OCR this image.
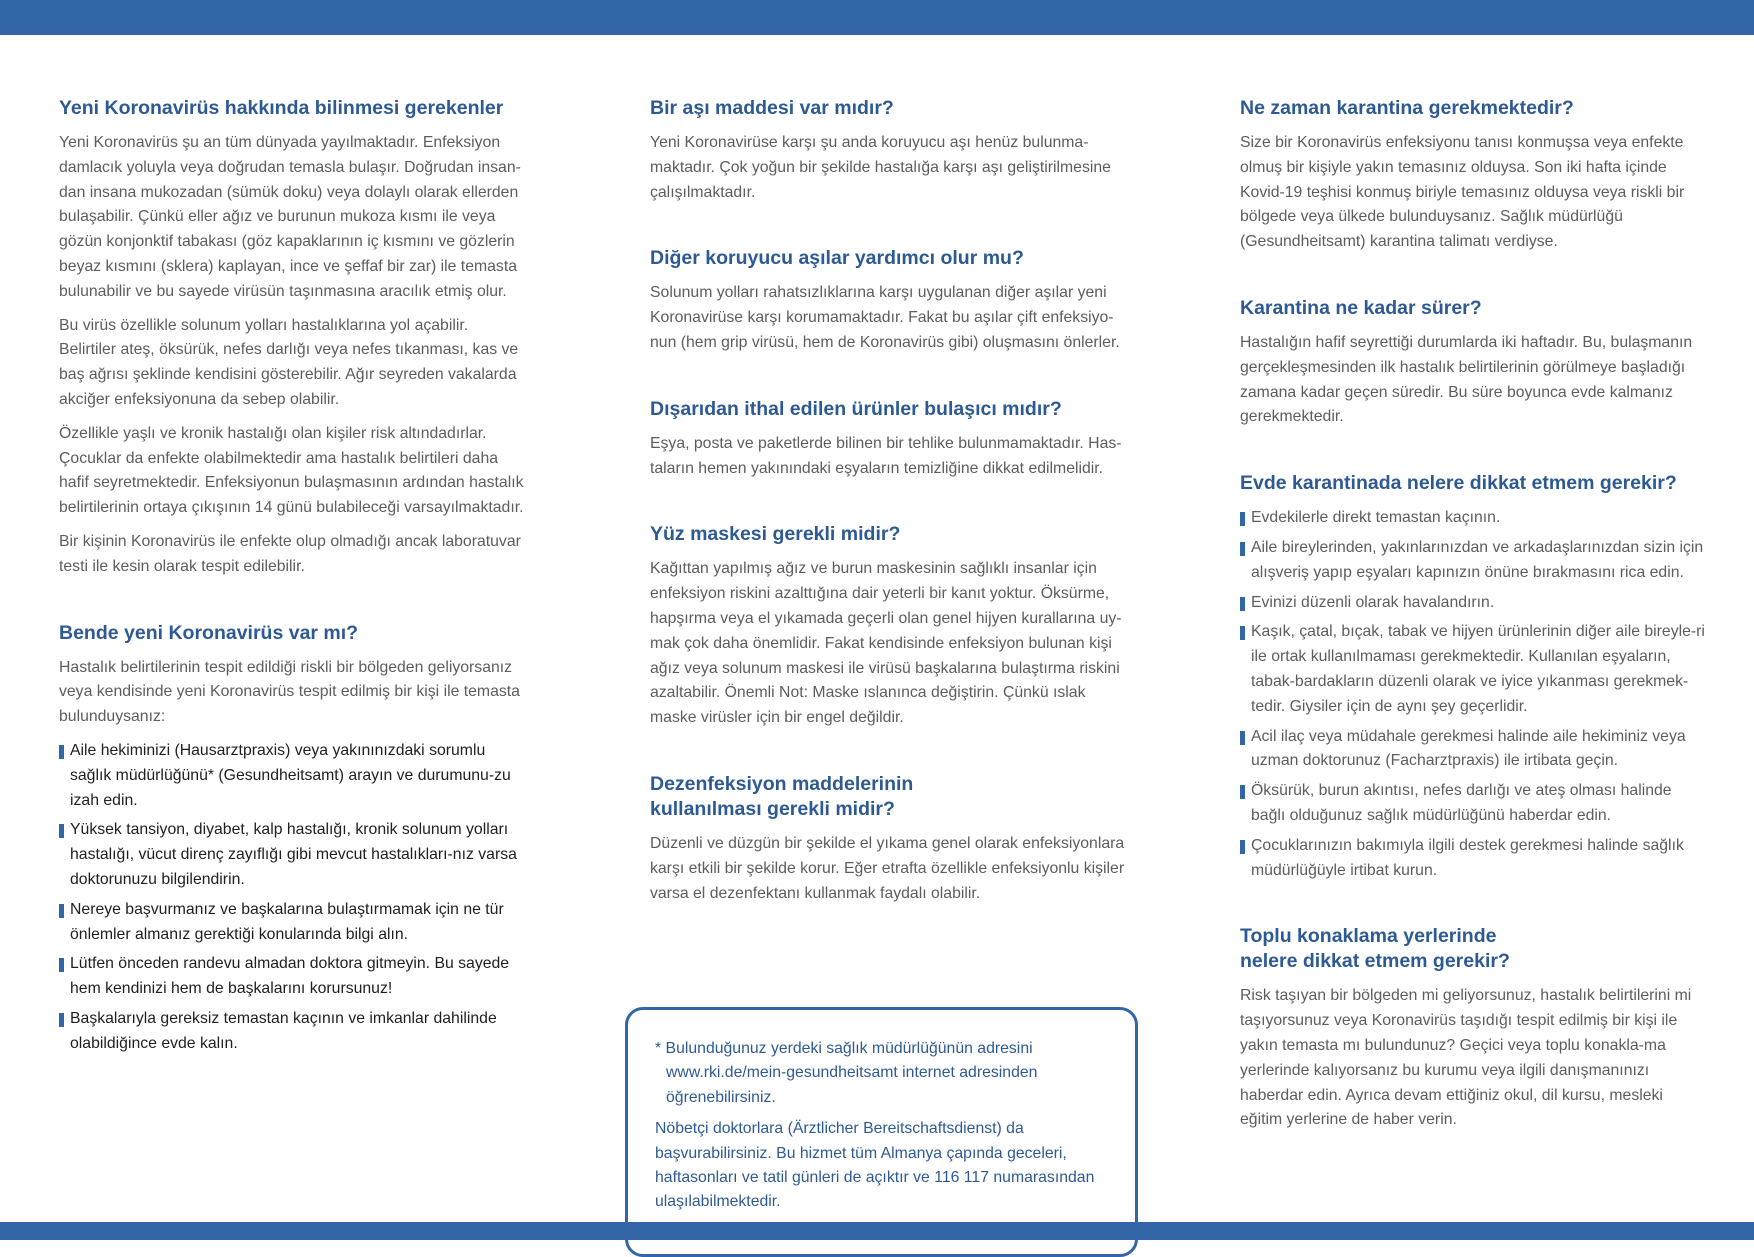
Yeni Koronavirüs hakkında bilinmesi gerekenler

Yeni Koronavirüs şu an tüm dünyada yayılmaktadır. Enfeksiyon damlacık yoluyla veya doğrudan temasla bulaşır. Doğrudan insan-dan insana mukozadan (sümük doku) veya dolaylı olarak ellerden bulaşabilir. Çünkü eller ağız ve burunun mukoza kısmı ile veya gözün konjonktif tabakası (göz kapaklarının iç kısmını ve gözlerin beyaz kısmını (sklera) kaplayan, ince ve şeffaf bir zar) ile temasta bulunabilir ve bu sayede virüsün taşınmasına aracılık etmiş olur.

Bu virüs özellikle solunum yolları hastalıklarına yol açabilir. Belirtiler ateş, öksürük, nefes darlığı veya nefes tıkanması, kas ve baş ağrısı şeklinde kendisini gösterebilir. Ağır seyreden vakalarda akciğer enfeksiyonuna da sebep olabilir.

Özellikle yaşlı ve kronik hastalığı olan kişiler risk altındadırlar. Çocuklar da enfekte olabilmektedir ama hastalık belirtileri daha hafif seyretmektedir. Enfeksiyonun bulaşmasının ardından hastalık belirtilerinin ortaya çıkışının 14 günü bulabileceği varsayılmaktadır.

Bir kişinin Koronavirüs ile enfekte olup olmadığı ancak laboratuvar testi ile kesin olarak tespit edilebilir.

Bende yeni Koronavirüs var mı?

Hastalık belirtilerinin tespit edildiği riskli bir bölgeden geliyorsanız veya kendisinde yeni Koronavirüs tespit edilmiş bir kişi ile temasta bulunduysanız:

Aile hekiminizi (Hausarztpraxis) veya yakınınızdaki sorumlu sağlık müdürlüğünü* (Gesundheitsamt) arayın ve durumunu-zu izah edin.
Yüksek tansiyon, diyabet, kalp hastalığı, kronik solunum yolları hastalığı, vücut direnç zayıflığı gibi mevcut hastalıkları-nız varsa doktorunuzu bilgilendirin.
Nereye başvurmanız ve başkalarına bulaştırmamak için ne tür önlemler almanız gerektiği konularında bilgi alın.
Lütfen önceden randevu almadan doktora gitmeyin. Bu sayede hem kendinizi hem de başkalarını korursunuz!
Başkalarıyla gereksiz temastan kaçının ve imkanlar dahilinde olabildiğince evde kalın.
Bir aşı maddesi var mıdır?

Yeni Koronavirüse karşı şu anda koruyucu aşı henüz bulunma-maktadır. Çok yoğun bir şekilde hastalığa karşı aşı geliştirilmesine çalışılmaktadır.

Diğer koruyucu aşılar yardımcı olur mu?

Solunum yolları rahatsızlıklarına karşı uygulanan diğer aşılar yeni Koronavirüse karşı korumamaktadır. Fakat bu aşılar çift enfeksiyo-nun (hem grip virüsü, hem de Koronavirüs gibi) oluşmasını önlerler.

Dışarıdan ithal edilen ürünler bulaşıcı mıdır?

Eşya, posta ve paketlerde bilinen bir tehlike bulunmamaktadır. Has-taların hemen yakınındaki eşyaların temizliğine dikkat edilmelidir.

Yüz maskesi gerekli midir?

Kağıttan yapılmış ağız ve burun maskesinin sağlıklı insanlar için enfeksiyon riskini azalttığına dair yeterli bir kanıt yoktur. Öksürme, hapşırma veya el yıkamada geçerli olan genel hijyen kurallarına uy-mak çok daha önemlidir. Fakat kendisinde enfeksiyon bulunan kişi ağız veya solunum maskesi ile virüsü başkalarına bulaştırma riskini azaltabilir. Önemli Not: Maske ıslanınca değiştirin. Çünkü ıslak maske virüsler için bir engel değildir.

Dezenfeksiyon maddelerinin
kullanılması gerekli midir?

Düzenli ve düzgün bir şekilde el yıkama genel olarak enfeksiyonlara karşı etkili bir şekilde korur. Eğer etrafta özellikle enfeksiyonlu kişiler varsa el dezenfektanı kullanmak faydalı olabilir.

* Bulunduğunuz yerdeki sağlık müdürlüğünün adresini www.rki.de/mein-gesundheitsamt internet adresinden öğrenebilirsiniz.

Nöbetçi doktorlara (Ärztlicher Bereitschaftsdienst) da başvurabilirsiniz. Bu hizmet tüm Almanya çapında geceleri, haftasonları ve tatil günleri de açıktır ve 116 117 numarasından ulaşılabilmektedir.

Ne zaman karantina gerekmektedir?

Size bir Koronavirüs enfeksiyonu tanısı konmuşsa veya enfekte olmuş bir kişiyle yakın temasınız olduysa. Son iki hafta içinde Kovid-19 teşhisi konmuş biriyle temasınız olduysa veya riskli bir bölgede veya ülkede bulunduysanız. Sağlık müdürlüğü (Gesundheitsamt) karantina talimatı verdiyse.

Karantina ne kadar sürer?

Hastalığın hafif seyrettiği durumlarda iki haftadır. Bu, bulaşmanın gerçekleşmesinden ilk hastalık belirtilerinin görülmeye başladığı zamana kadar geçen süredir. Bu süre boyunca evde kalmanız gerekmektedir.

Evde karantinada nelere dikkat etmem gerekir?
Evdekilerle direkt temastan kaçının.
Aile bireylerinden, yakınlarınızdan ve arkadaşlarınızdan sizin için alışveriş yapıp eşyaları kapınızın önüne bırakmasını rica edin.
Evinizi düzenli olarak havalandırın.
Kaşık, çatal, bıçak, tabak ve hijyen ürünlerinin diğer aile bireyle-ri ile ortak kullanılmaması gerekmektedir. Kullanılan eşyaların, tabak-bardakların düzenli olarak ve iyice yıkanması gerekmek-tedir. Giysiler için de aynı şey geçerlidir.
Acil ilaç veya müdahale gerekmesi halinde aile hekiminiz veya uzman doktorunuz (Facharztpraxis) ile irtibata geçin.
Öksürük, burun akıntısı, nefes darlığı ve ateş olması halinde bağlı olduğunuz sağlık müdürlüğünü haberdar edin.
Çocuklarınızın bakımıyla ilgili destek gerekmesi halinde sağlık müdürlüğüyle irtibat kurun.
Toplu konaklama yerlerinde
nelere dikkat etmem gerekir?

Risk taşıyan bir bölgeden mi geliyorsunuz, hastalık belirtilerini mi taşıyorsunuz veya Koronavirüs taşıdığı tespit edilmiş bir kişi ile yakın temasta mı bulundunuz? Geçici veya toplu konakla-ma yerlerinde kalıyorsanız bu kurumu veya ilgili danışmanınızı haberdar edin. Ayrıca devam ettiğiniz okul, dil kursu, mesleki eğitim yerlerine de haber verin.
